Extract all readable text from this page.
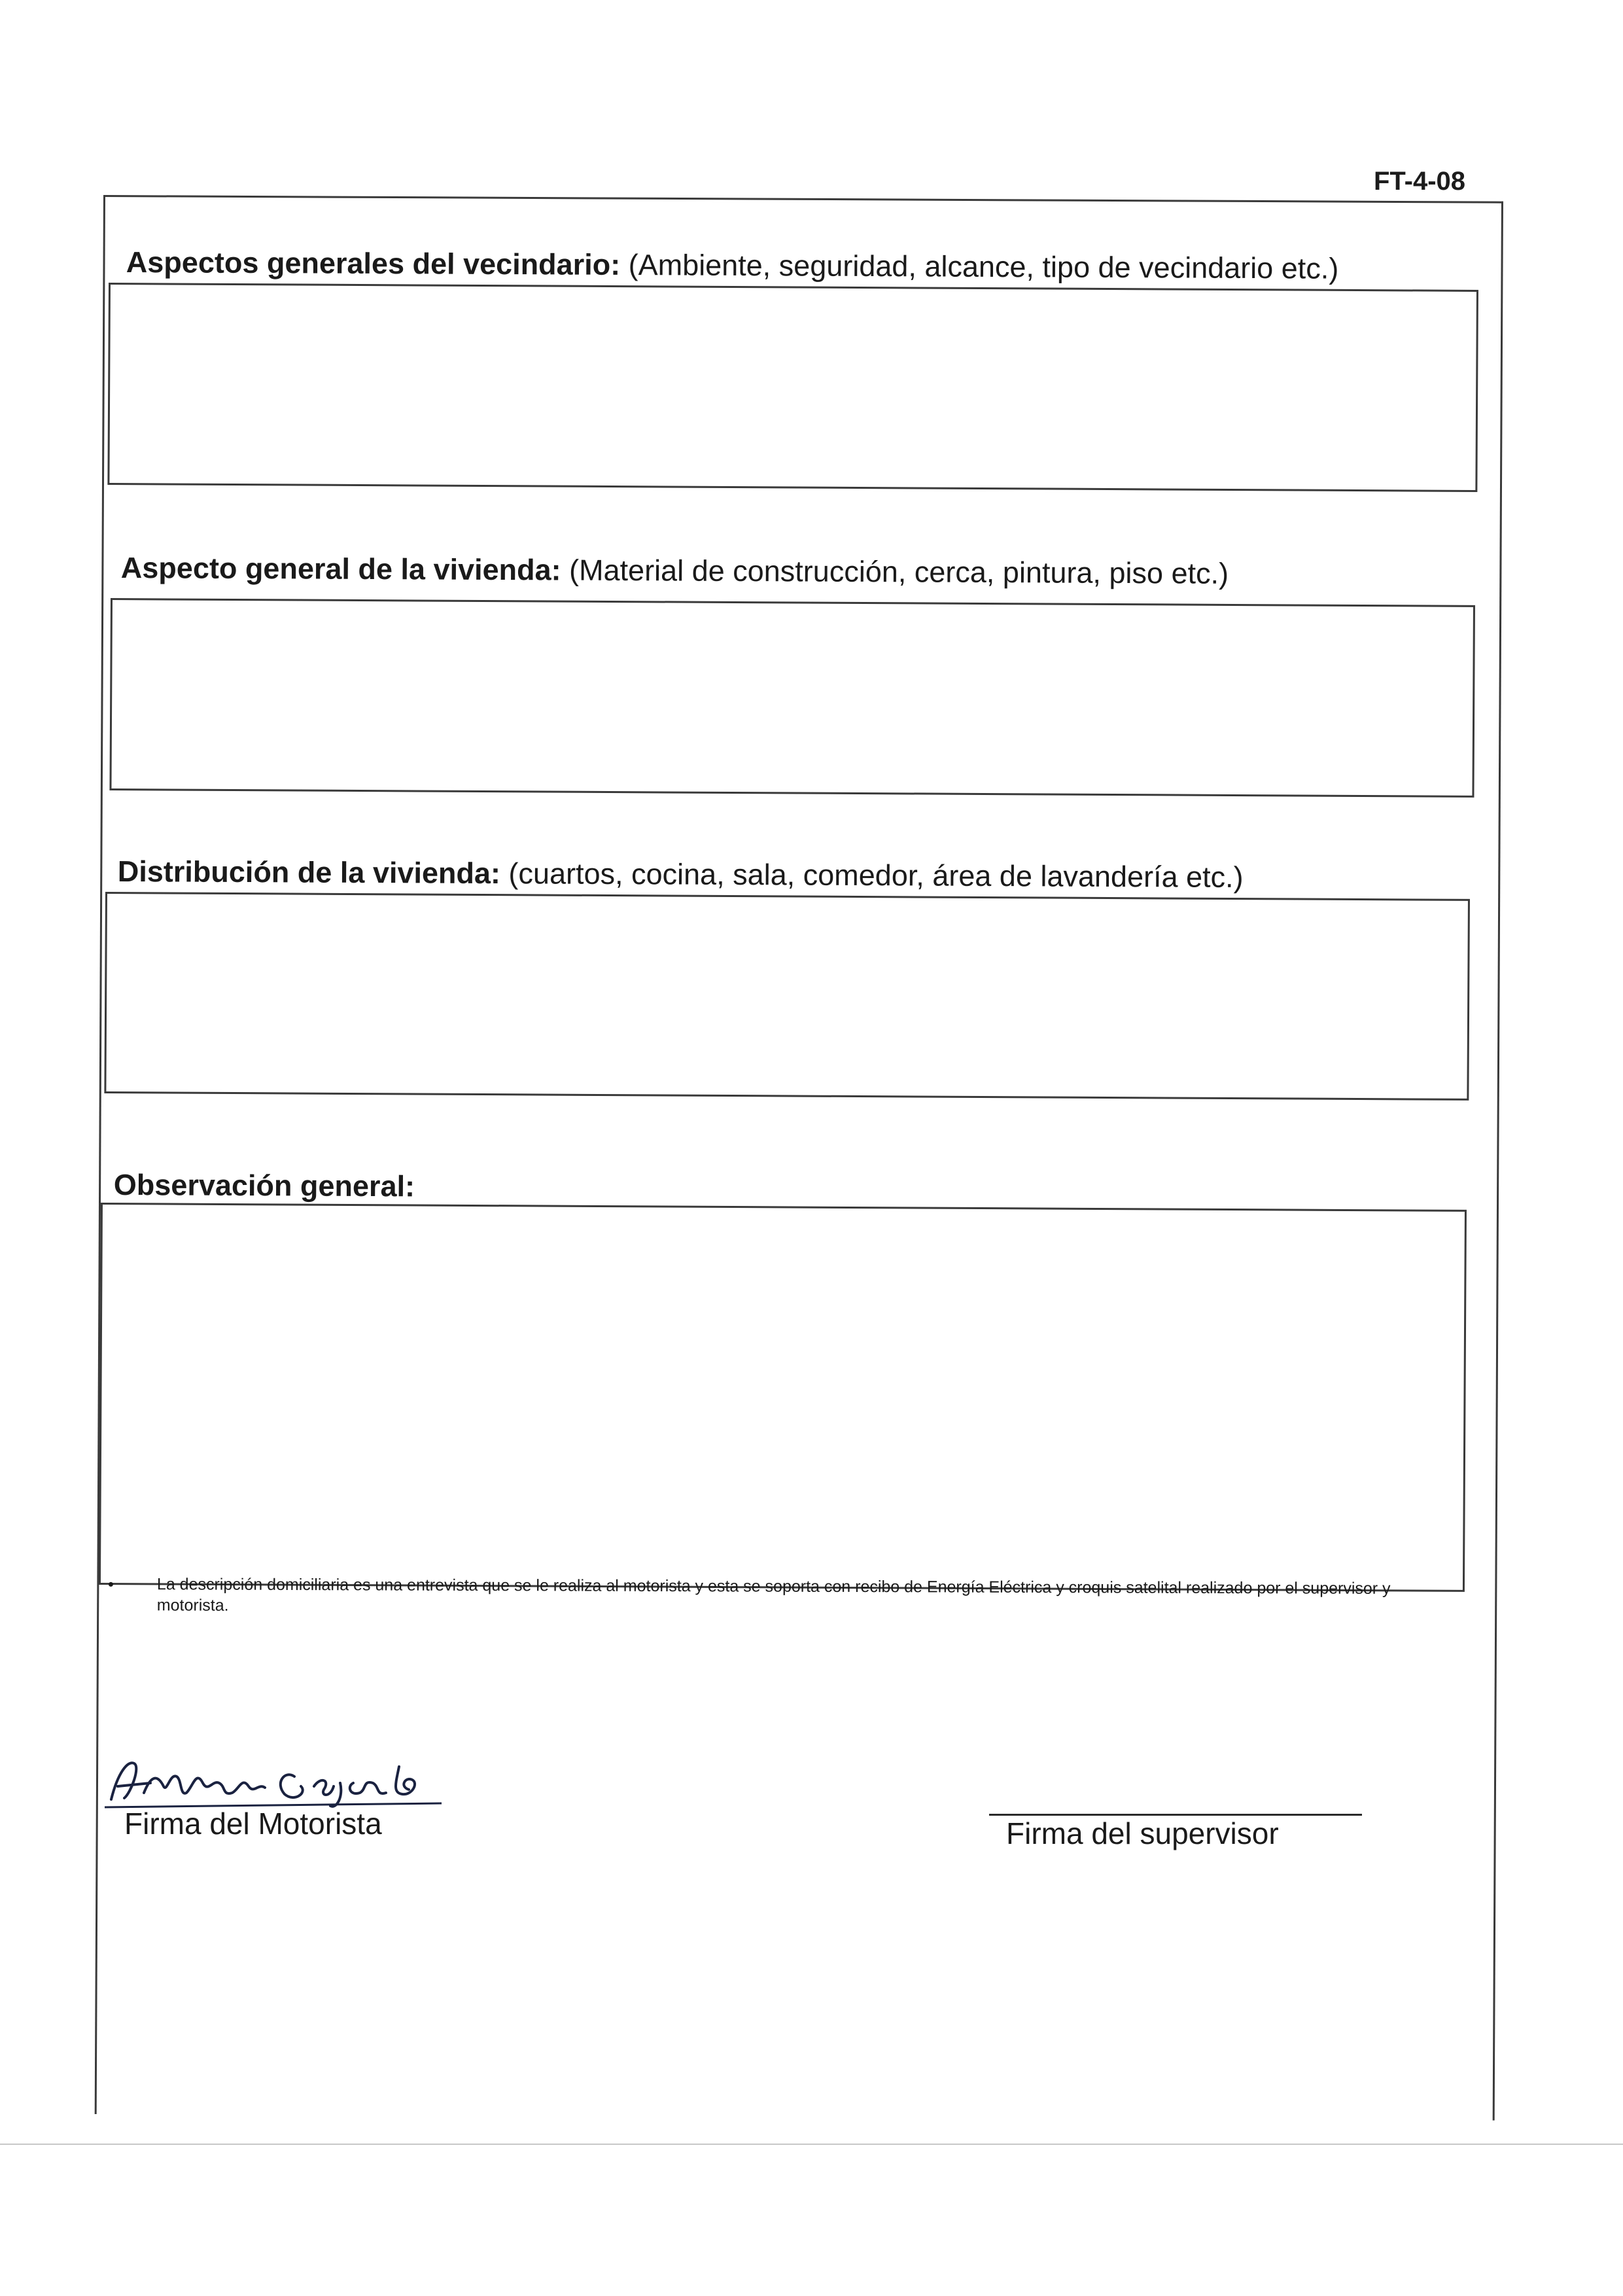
FT-4-08
Aspectos generales del vecindario: (Ambiente, seguridad, alcance, tipo de vecindario etc.)
Aspecto general de la vivienda: (Material de construcción, cerca, pintura, piso etc.)
Distribución de la vivienda: (cuartos, cocina, sala, comedor, área de lavandería etc.)
Observación general:
•	La descripción domiciliaria es una entrevista que se le realiza al motorista y esta se soporta con recibo de Energía Eléctrica y croquis satelital realizado por el supervisor y motorista.
Firma del Motorista	Firma del supervisor
